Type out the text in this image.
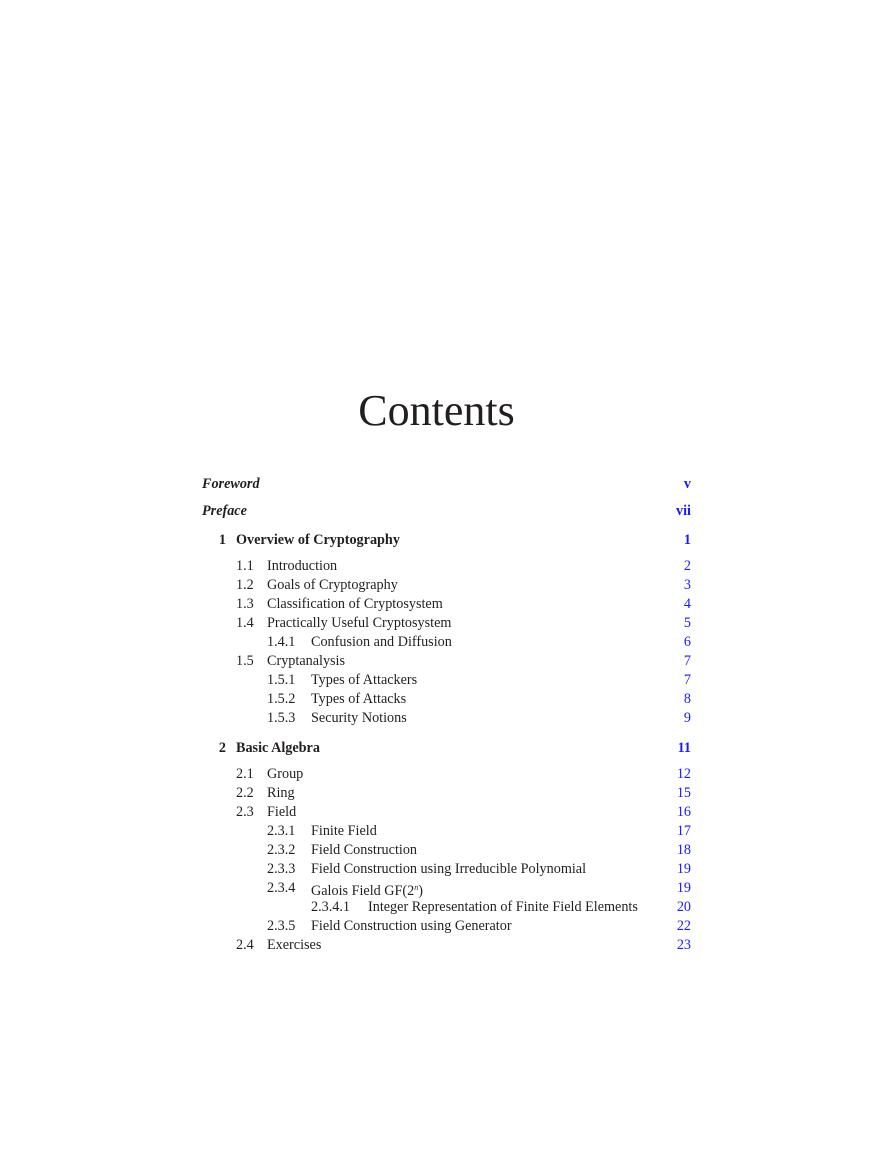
Contents
Foreword	v
Preface	vii
1 Overview of Cryptography	1
1.1 Introduction	2
1.2 Goals of Cryptography	3
1.3 Classification of Cryptosystem	4
1.4 Practically Useful Cryptosystem	5
1.4.1 Confusion and Diffusion	6
1.5 Cryptanalysis	7
1.5.1 Types of Attackers	7
1.5.2 Types of Attacks	8
1.5.3 Security Notions	9
2 Basic Algebra	11
2.1 Group	12
2.2 Ring	15
2.3 Field	16
2.3.1 Finite Field	17
2.3.2 Field Construction	18
2.3.3 Field Construction using Irreducible Polynomial	19
2.3.4 Galois Field GF(2$^n$)	19
2.3.4.1 Integer Representation of Finite Field Elements	20
2.3.5 Field Construction using Generator	22
2.4 Exercises	23
